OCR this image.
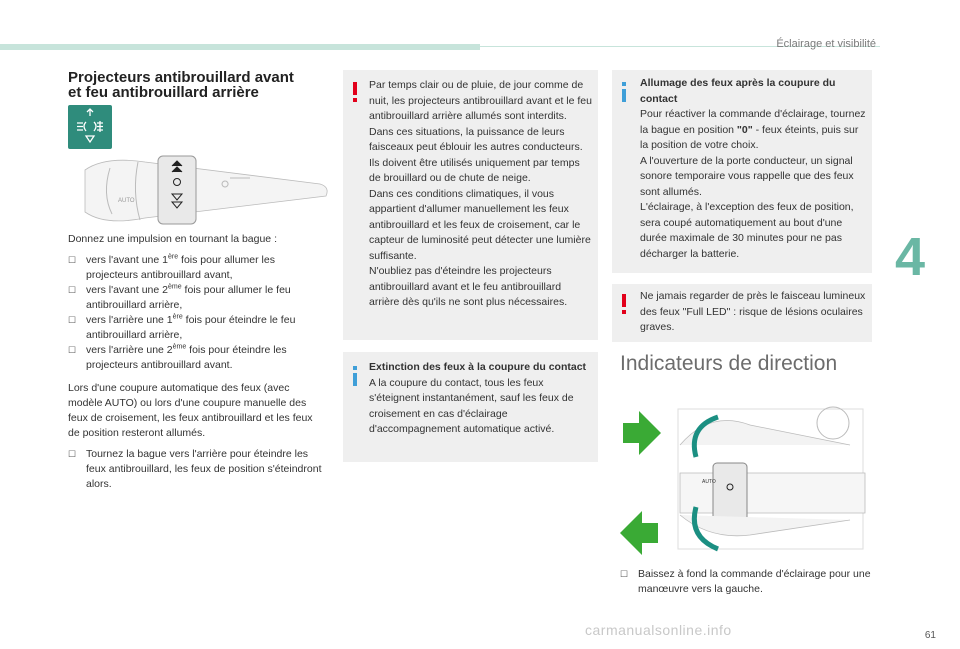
Éclairage et visibilité
4
61

Projecteurs antibrouillard avant

et feu antibrouillard arrière

AUTO

Donnez une impulsion en tournant la bague :

☐ vers l'avant une 1ère fois pour allumer les projecteurs antibrouillard avant,
☐ vers l'avant une 2ème fois pour allumer le feu antibrouillard arrière,
☐ vers l'arrière une 1ère fois pour éteindre le feu antibrouillard arrière,
☐ vers l'arrière une 2ème fois pour éteindre les projecteurs antibrouillard avant.

Lors d'une coupure automatique des feux (avec modèle AUTO) ou lors d'une coupure manuelle des feux de croisement, les feux antibrouillard et les feux de position resteront allumés.

☐ Tournez la bague vers l'arrière pour éteindre les feux antibrouillard, les feux de position s'éteindront alors.

Par temps clair ou de pluie, de jour comme de nuit, les projecteurs antibrouillard avant et le feu antibrouillard arrière allumés sont interdits. Dans ces situations, la puissance de leurs faisceaux peut éblouir les autres conducteurs. Ils doivent être utilisés uniquement par temps de brouillard ou de chute de neige.

Dans ces conditions climatiques, il vous appartient d'allumer manuellement les feux antibrouillard et les feux de croisement, car le capteur de luminosité peut détecter une lumière suffisante.

N'oubliez pas d'éteindre les projecteurs antibrouillard avant et le feu antibrouillard arrière dès qu'ils ne sont plus nécessaires.

Extinction des feux à la coupure du contact

A la coupure du contact, tous les feux s'éteignent instantanément, sauf les feux de croisement en cas d'éclairage d'accompagnement automatique activé.

Allumage des feux après la coupure du contact

Pour réactiver la commande d'éclairage, tournez la bague en position "0" - feux éteints, puis sur la position de votre choix.

A l'ouverture de la porte conducteur, un signal sonore temporaire vous rappelle que des feux sont allumés.

L'éclairage, à l'exception des feux de position, sera coupé automatiquement au bout d'une durée maximale de 30 minutes pour ne pas décharger la batterie.

Ne jamais regarder de près le faisceau lumineux des feux "Full LED" : risque de lésions oculaires graves.

Indicateurs de direction
AUTO
☐ Baissez à fond la commande d'éclairage pour une manœuvre vers la gauche.
carmanualsonline.info
